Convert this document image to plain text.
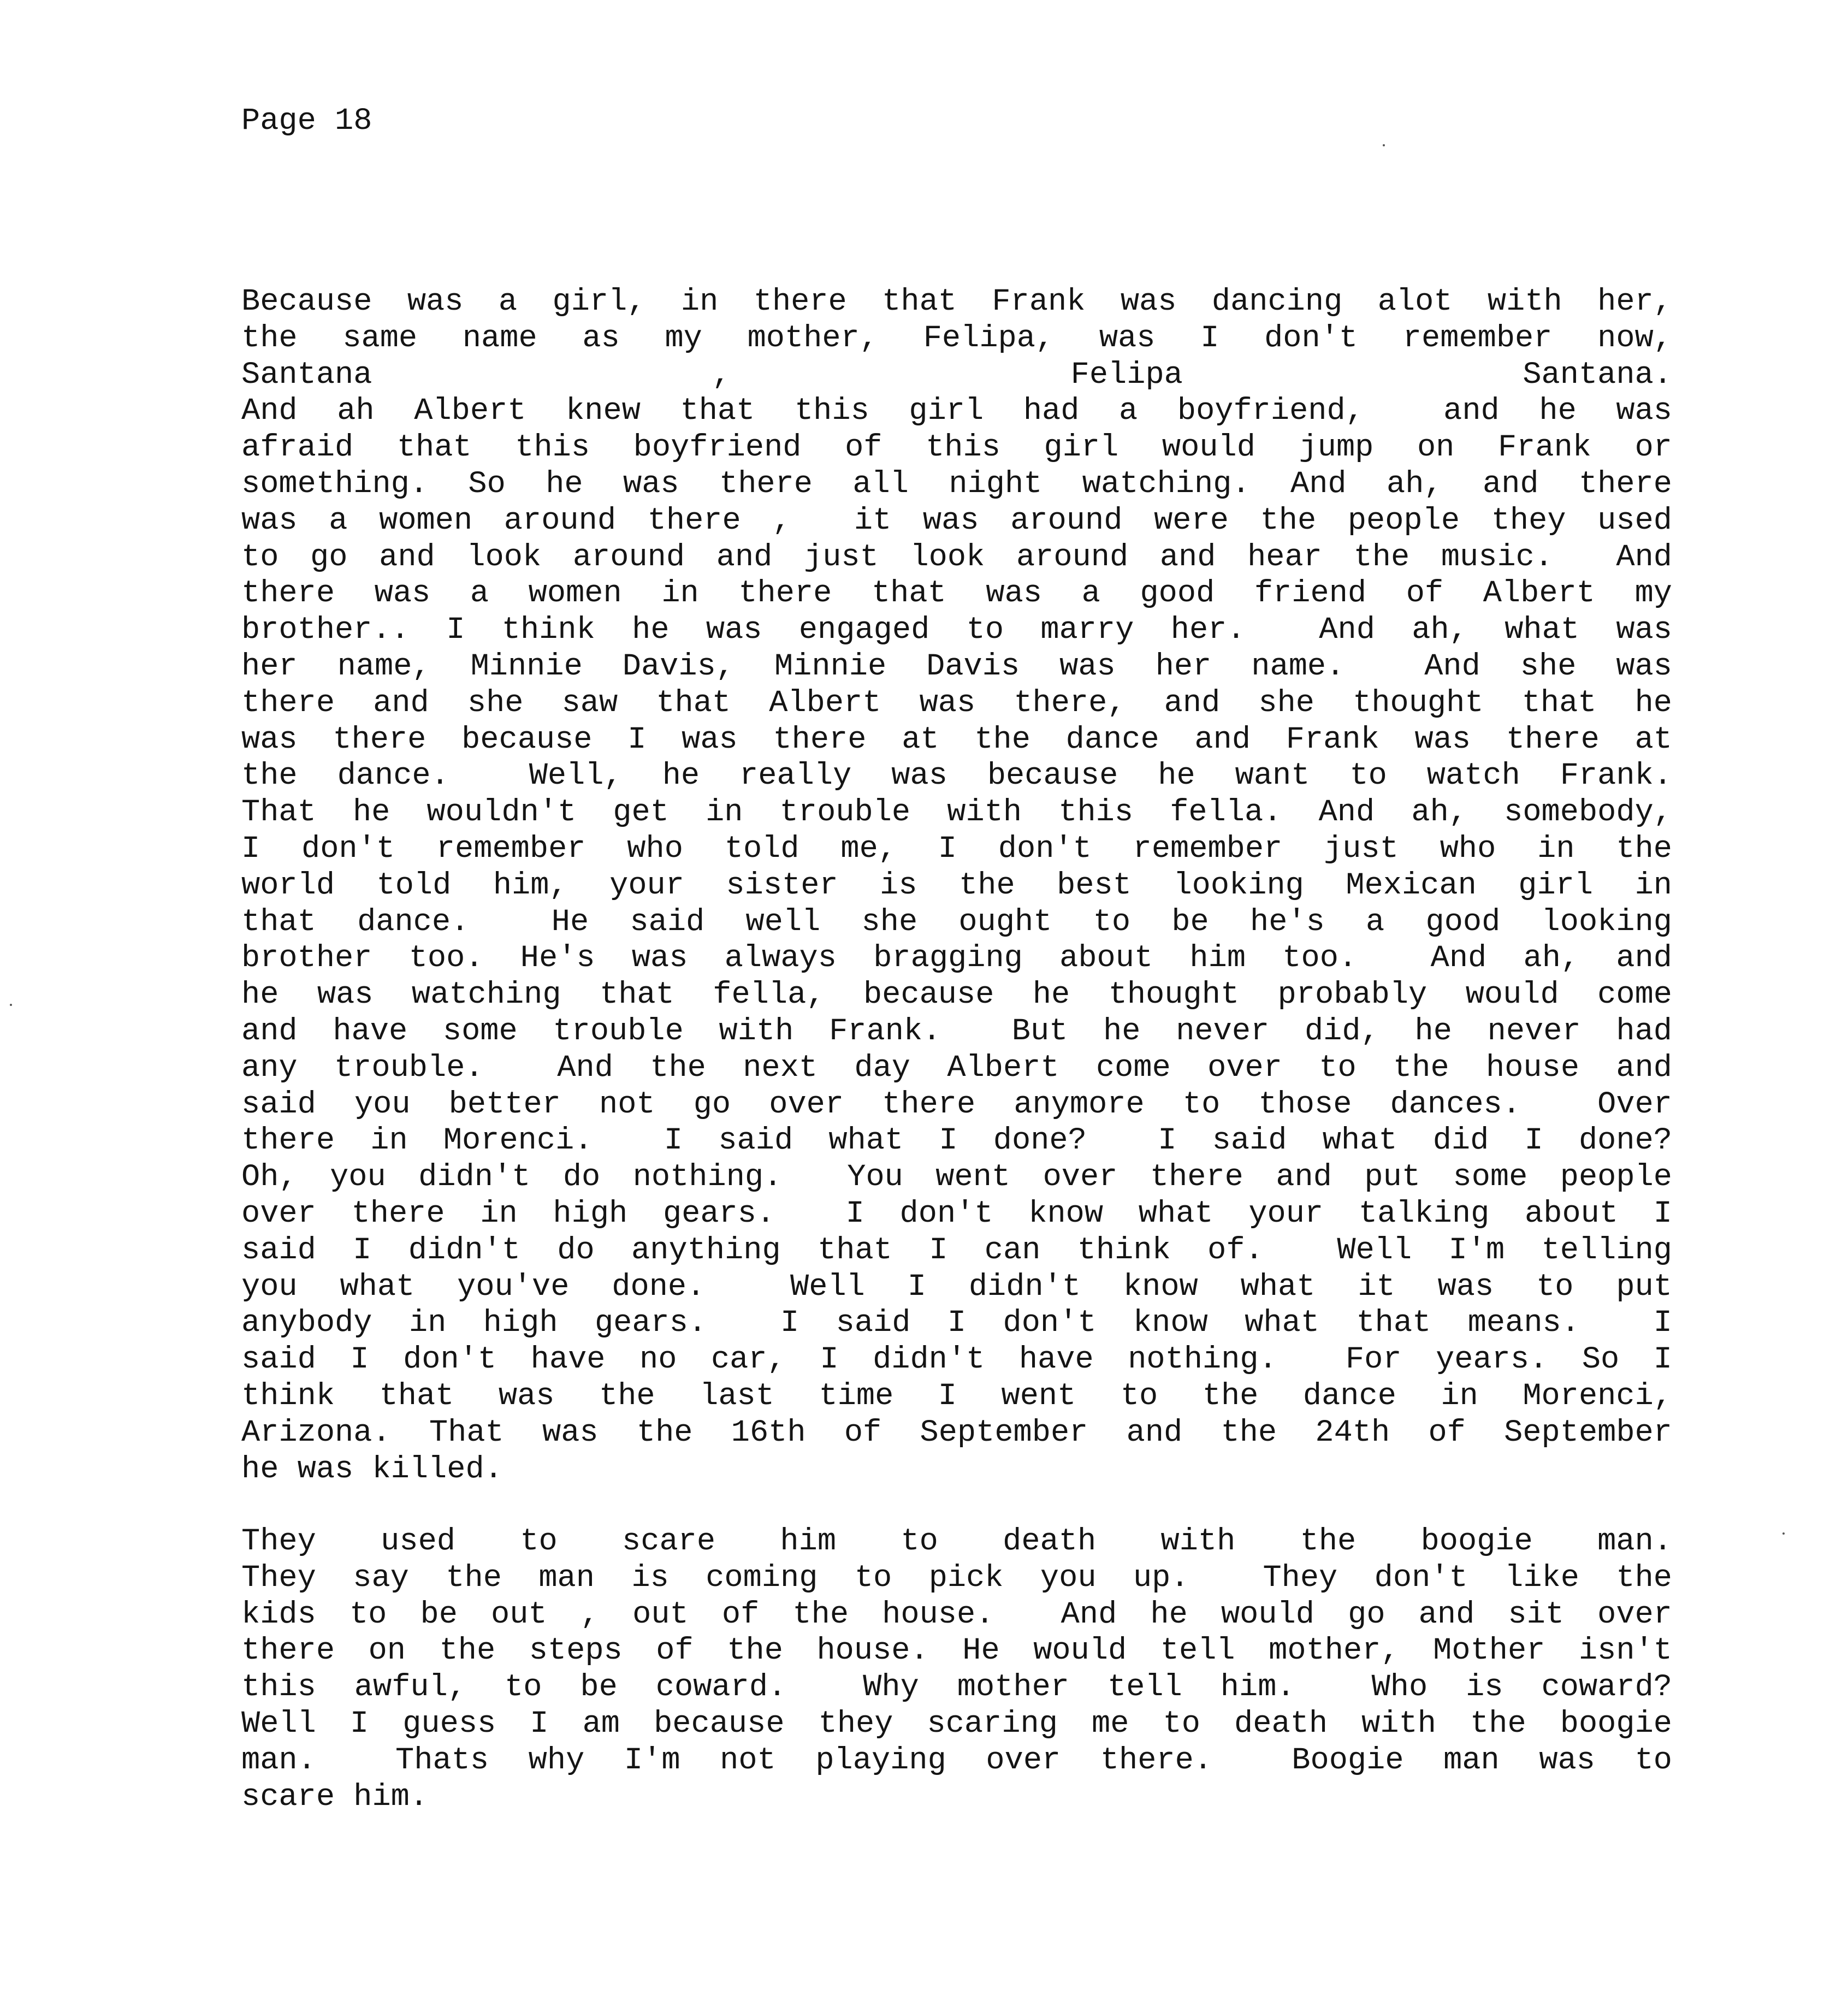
Page 18
Because was a girl, in there that Frank was dancing alot with her,
the same name as my mother, Felipa, was I don't remember now,
Santana , Felipa Santana.
And ah Albert knew that this girl had a boyfriend,  and he was
afraid that this boyfriend of this girl would jump on Frank or
something. So he was there all night watching. And ah, and there
was a women around there ,  it was around were the people they used
to go and look around and just look around and hear the music.  And
there was a women in there that was a good friend of Albert my
brother.. I think he was engaged to marry her.  And ah, what was
her name, Minnie Davis, Minnie Davis was her name.  And she was
there and she saw that Albert was there, and she thought that he
was there because I was there at the dance and Frank was there at
the dance.  Well, he really was because he want to watch Frank.
That he wouldn't get in trouble with this fella. And ah, somebody,
I don't remember who told me, I don't remember just who in the
world told him, your sister is the best looking Mexican girl in
that dance.  He said well she ought to be he's a good looking
brother too. He's was always bragging about him too.  And ah, and
he was watching that fella, because he thought probably would come
and have some trouble with Frank.  But he never did, he never had
any trouble.  And the next day Albert come over to the house and
said you better not go over there anymore to those dances.  Over
there in Morenci.  I said what I done?  I said what did I done?
Oh, you didn't do nothing.  You went over there and put some people
over there in high gears.  I don't know what your talking about I
said I didn't do anything that I can think of.  Well I'm telling
you what you've done.  Well I didn't know what it was to put
anybody in high gears.  I said I don't know what that means.  I
said I don't have no car, I didn't have nothing.  For years. So I
think that was the last time I went to the dance in Morenci,
Arizona. That was the 16th of September and the 24th of September
he was killed.
They used to scare him to death with the boogie man.
They say the man is coming to pick you up.  They don't like the
kids to be out , out of the house.  And he would go and sit over
there on the steps of the house. He would tell mother, Mother isn't
this awful, to be coward.  Why mother tell him.  Who is coward?
Well I guess I am because they scaring me to death with the boogie
man.  Thats why I'm not playing over there.  Boogie man was to
scare him.
